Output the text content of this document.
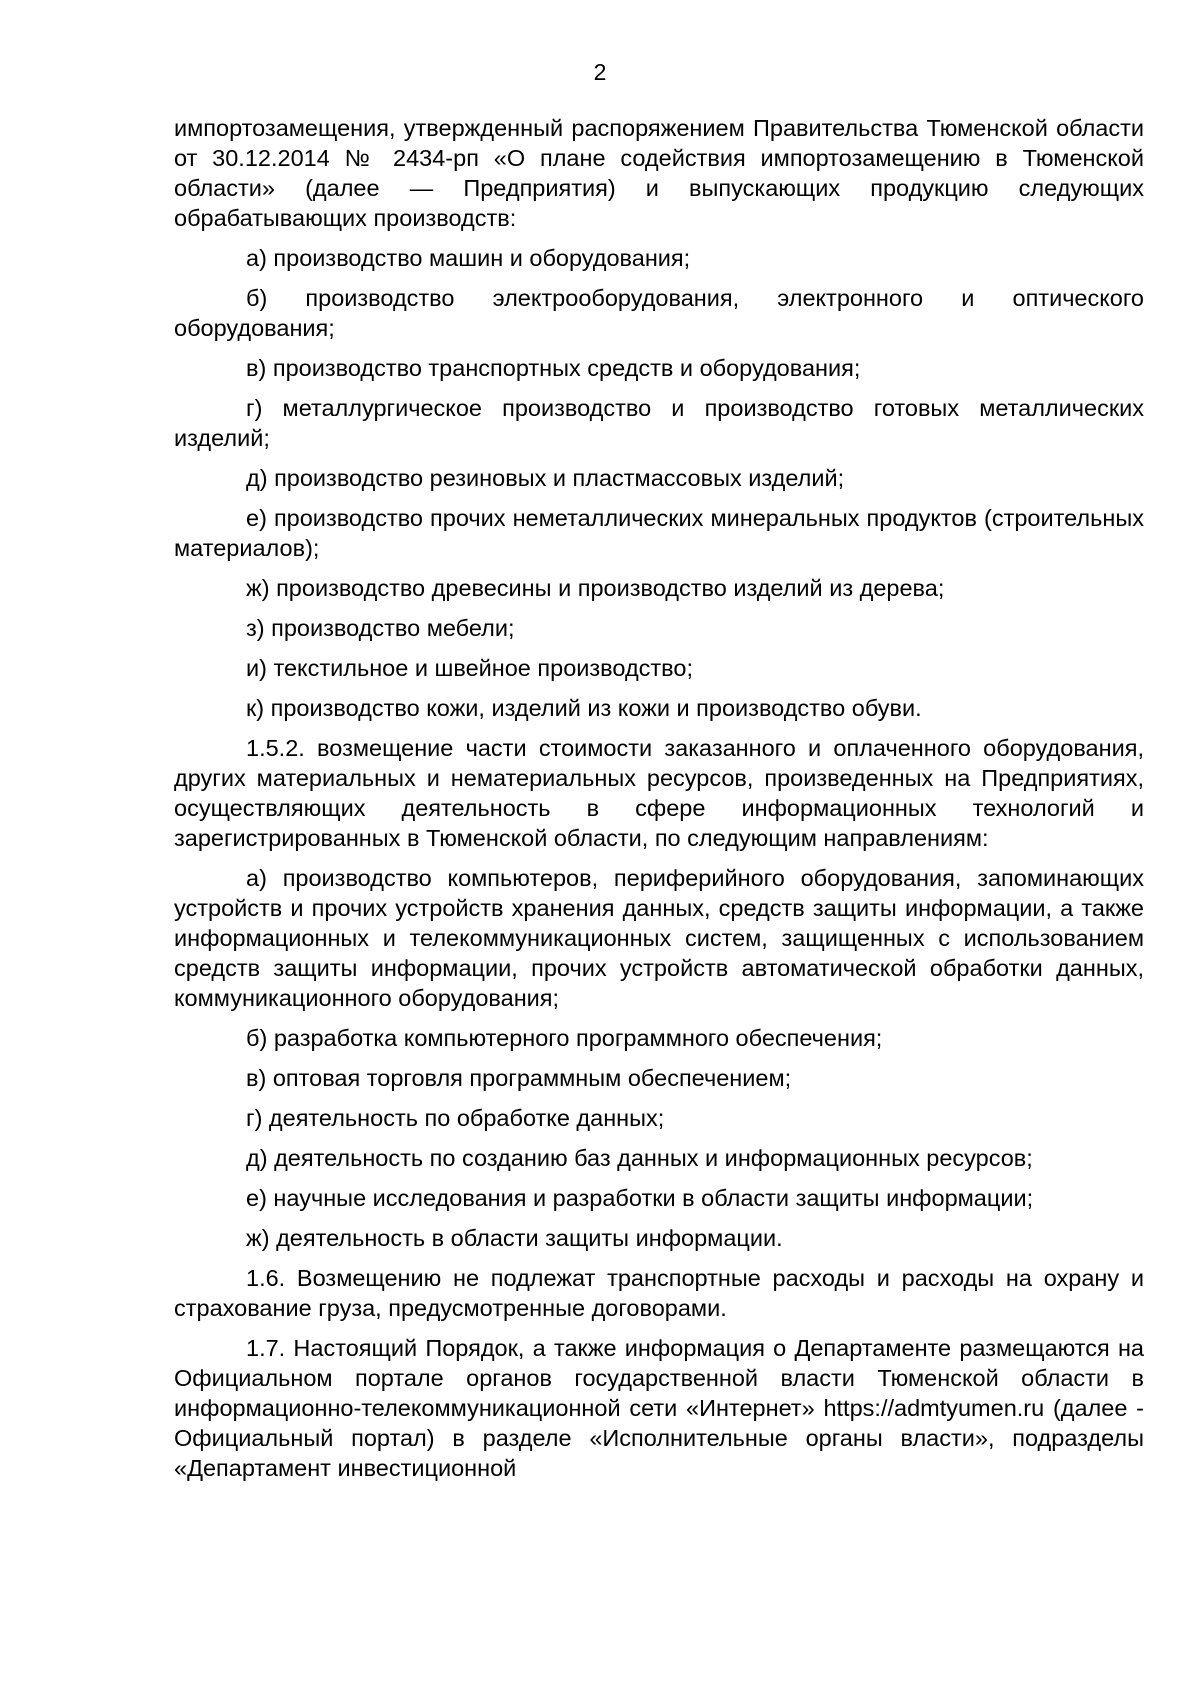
2

импортозамещения, утвержденный распоряжением Правительства Тюменской области от 30.12.2014 № 2434-рп «О плане содействия импортозамещению в Тюменской области» (далее — Предприятия) и выпускающих продукцию следующих обрабатывающих производств:

а) производство машин и оборудования;

б) производство электрооборудования, электронного и оптического оборудования;

в) производство транспортных средств и оборудования;

г) металлургическое производство и производство готовых металлических изделий;

д) производство резиновых и пластмассовых изделий;

е) производство прочих неметаллических минеральных продуктов (строительных материалов);

ж) производство древесины и производство изделий из дерева;

з) производство мебели;

и) текстильное и швейное производство;

к) производство кожи, изделий из кожи и производство обуви.

1.5.2. возмещение части стоимости заказанного и оплаченного оборудования, других материальных и нематериальных ресурсов, произведенных на Предприятиях, осуществляющих деятельность в сфере информационных технологий и зарегистрированных в Тюменской области, по следующим направлениям:

а) производство компьютеров, периферийного оборудования, запоминающих устройств и прочих устройств хранения данных, средств защиты информации, а также информационных и телекоммуникационных систем, защищенных с использованием средств защиты информации, прочих устройств автоматической обработки данных, коммуникационного оборудования;

б) разработка компьютерного программного обеспечения;

в) оптовая торговля программным обеспечением;

г) деятельность по обработке данных;

д) деятельность по созданию баз данных и информационных ресурсов;

е) научные исследования и разработки в области защиты информации;

ж) деятельность в области защиты информации.

1.6. Возмещению не подлежат транспортные расходы и расходы на охрану и страхование груза, предусмотренные договорами.

1.7. Настоящий Порядок, а также информация о Департаменте размещаются на Официальном портале органов государственной власти Тюменской области в информационно-телекоммуникационной сети «Интернет» https://admtyumen.ru (далее - Официальный портал) в разделе «Исполнительные органы власти», подразделы «Департамент инвестиционной
